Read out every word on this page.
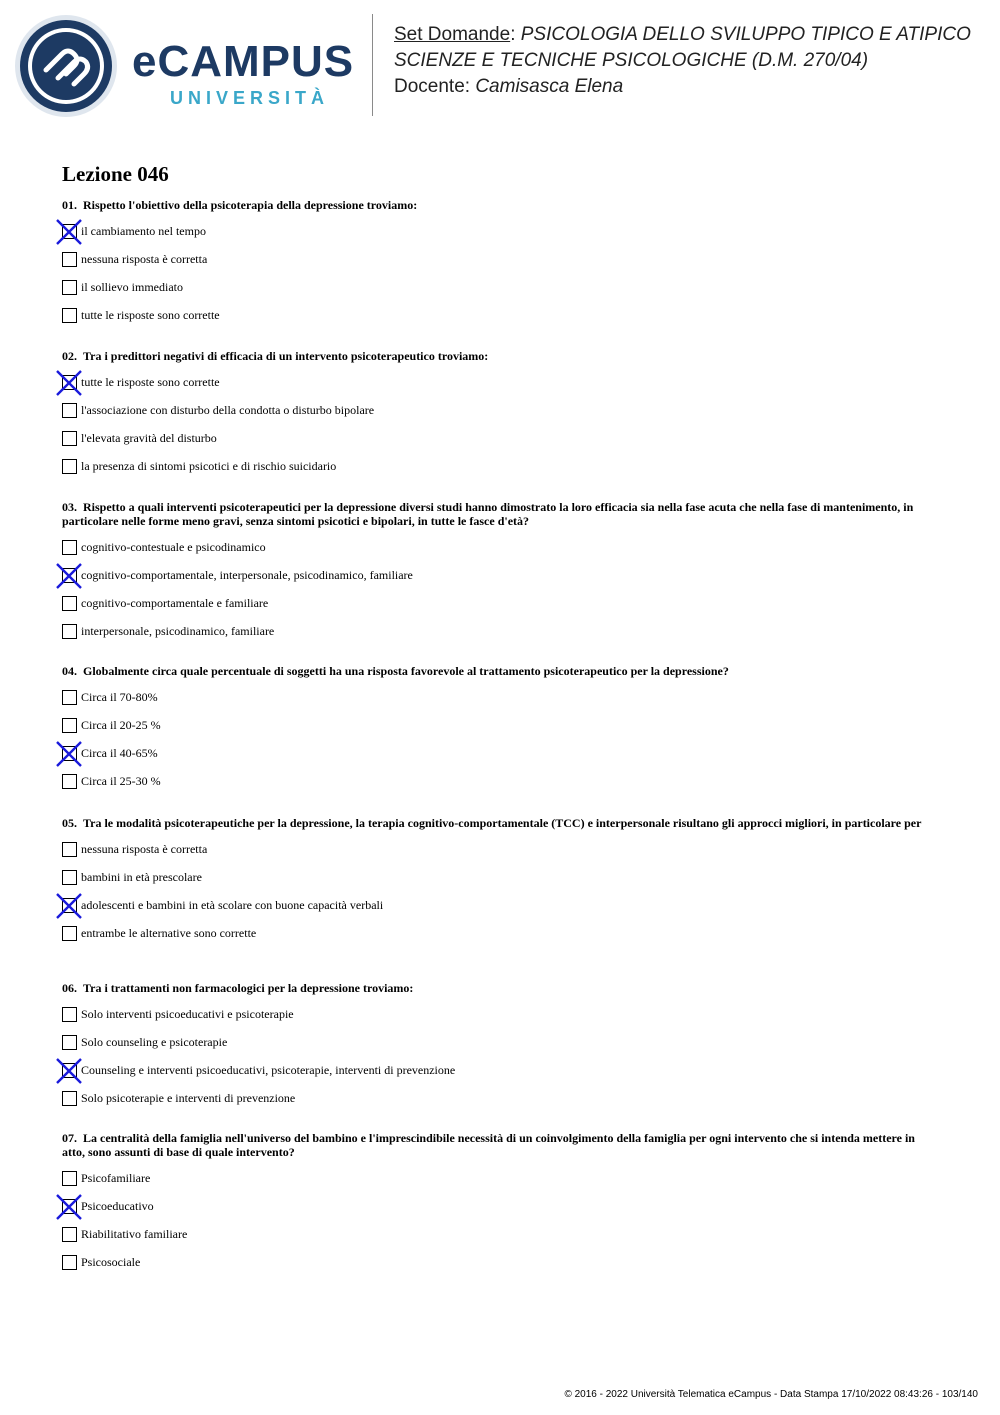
eCAMPUS
UNIVERSITÀ
Set Domande: PSICOLOGIA DELLO SVILUPPO TIPICO E ATIPICO
SCIENZE E TECNICHE PSICOLOGICHE (D.M. 270/04)
Docente: Camisasca Elena
Lezione 046

01. Rispetto l'obiettivo della psicoterapia della depressione troviamo:

il cambiamento nel tempo
nessuna risposta è corretta
il sollievo immediato
tutte le risposte sono corrette

02. Tra i predittori negativi di efficacia di un intervento psicoterapeutico troviamo:

tutte le risposte sono corrette
l'associazione con disturbo della condotta o disturbo bipolare
l'elevata gravità del disturbo
la presenza di sintomi psicotici e di rischio suicidario

03. Rispetto a quali interventi psicoterapeutici per la depressione diversi studi hanno dimostrato la loro efficacia sia nella fase acuta che nella fase di mantenimento, in particolare nelle forme meno gravi, senza sintomi psicotici e bipolari, in tutte le fasce d'età?

cognitivo-contestuale e psicodinamico
cognitivo-comportamentale, interpersonale, psicodinamico, familiare
cognitivo-comportamentale e familiare
interpersonale, psicodinamico, familiare

04. Globalmente circa quale percentuale di soggetti ha una risposta favorevole al trattamento psicoterapeutico per la depressione?

Circa il 70-80%
Circa il 20-25 %
Circa il 40-65%
Circa il 25-30 %

05. Tra le modalità psicoterapeutiche per la depressione, la terapia cognitivo-comportamentale (TCC) e interpersonale risultano gli approcci migliori, in particolare per

nessuna risposta è corretta
bambini in età prescolare
adolescenti e bambini in età scolare con buone capacità verbali
entrambe le alternative sono corrette

06. Tra i trattamenti non farmacologici per la depressione troviamo:

Solo interventi psicoeducativi e psicoterapie
Solo counseling e psicoterapie
Counseling e interventi psicoeducativi, psicoterapie, interventi di prevenzione
Solo psicoterapie e interventi di prevenzione

07. La centralità della famiglia nell'universo del bambino e l'imprescindibile necessità di un coinvolgimento della famiglia per ogni intervento che si intenda mettere in atto, sono assunti di base di quale intervento?

Psicofamiliare
Psicoeducativo
Riabilitativo familiare
Psicosociale
© 2016 - 2022 Università Telematica eCampus - Data Stampa 17/10/2022 08:43:26 - 103/140
